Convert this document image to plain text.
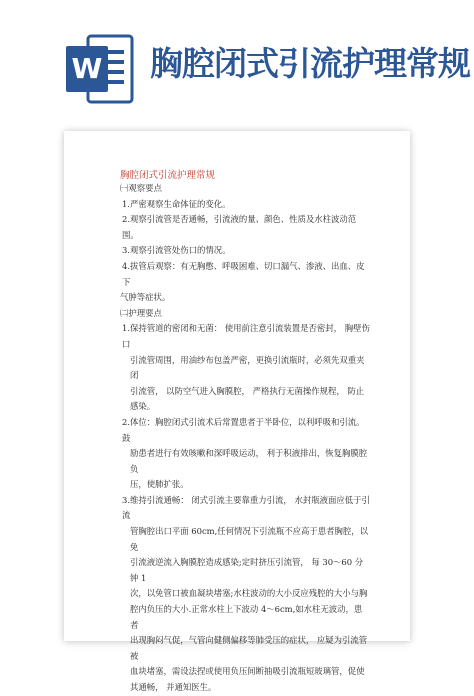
W 胸腔闭式引流护理常规
胸腔闭式引流护理常规
㈠观察要点
1.严密观察生命体征的变化。
2.观察引流管是否通畅，引流液的量、颜色、性质及水柱波动范围。
3.观察引流管处伤口的情况。
4.拔管后观察：有无胸憋、呼吸困难、切口漏气、渗液、出血、皮下
气肿等症状。
㈡护理要点
1.保持管道的密闭和无菌： 使用前注意引流装置是否密封， 胸壁伤口
引流管周围，用油纱布包盖严密，更换引流瓶时，必须先双重夹闭
引流管， 以防空气进入胸膜腔， 严格执行无菌操作规程， 防止感染。
2.体位：胸腔闭式引流术后常置患者于半卧位，以利呼吸和引流。 鼓
励患者进行有效咳嗽和深呼吸运动， 利于积液排出，恢复胸膜腔负
压，使肺扩张。
3.维持引流通畅： 闭式引流主要靠重力引流， 水封瓶液面应低于引流
管胸腔出口平面 60cm,任何情况下引流瓶不应高于患者胸腔，以免
引流液逆流入胸膜腔造成感染;定时挤压引流管， 每 30～60 分钟 1
次，以免管口被血凝块堵塞;水柱波动的大小反应残腔的大小与胸
腔内负压的大小.正常水柱上下波动 4～6cm,如水柱无波动，患者
出现胸闷气促，气管向健侧偏移等肺受压的症状， 应疑为引流管被
血块堵塞，需设法捏或使用负压间断抽吸引流瓶短玻璃管，促使
其通畅， 并通知医生。
